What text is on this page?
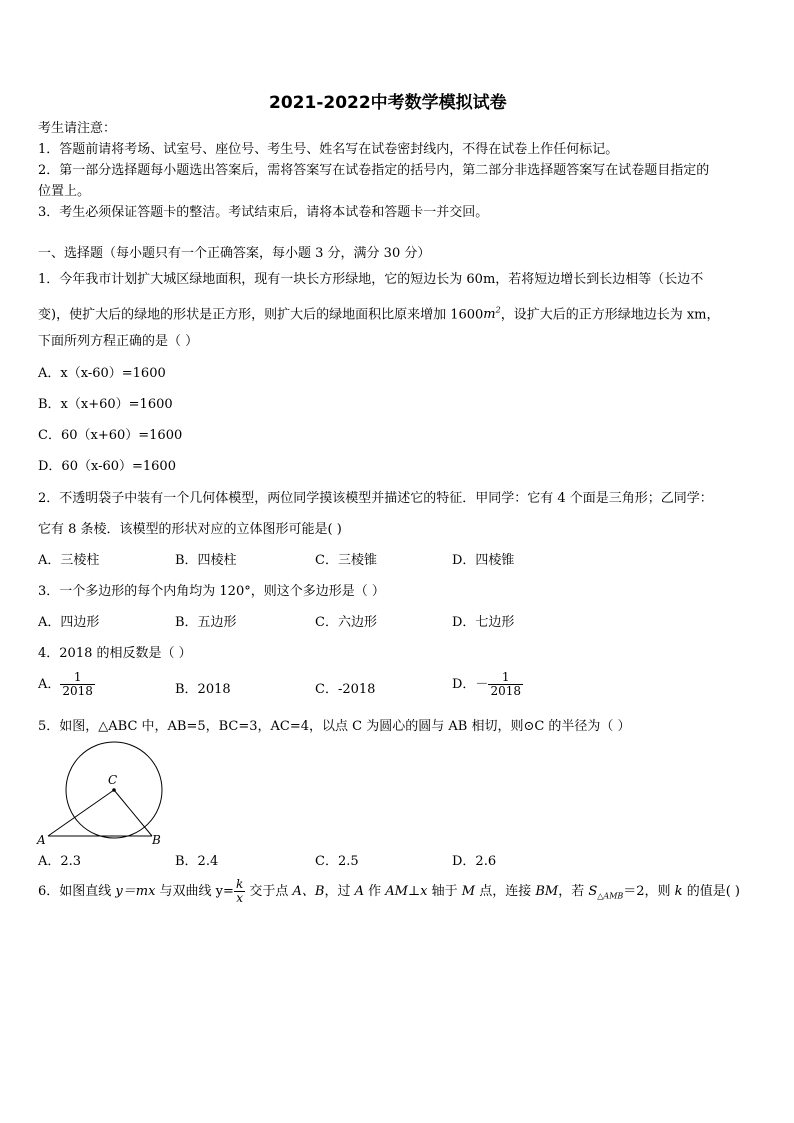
2021-2022中考数学模拟试卷
考生请注意：
1．答题前请将考场、试室号、座位号、考生号、姓名写在试卷密封线内，不得在试卷上作任何标记。
2．第一部分选择题每小题选出答案后，需将答案写在试卷指定的括号内，第二部分非选择题答案写在试卷题目指定的
位置上。
3．考生必须保证答题卡的整洁。考试结束后，请将本试卷和答题卡一并交回。
一、选择题（每小题只有一个正确答案，每小题 3 分，满分 30 分）
1．今年我市计划扩大城区绿地面积，现有一块长方形绿地，它的短边长为 60m，若将短边增长到长边相等（长边不
变)，使扩大后的绿地的形状是正方形，则扩大后的绿地面积比原来增加 $1600m^2$，设扩大后的正方形绿地边长为 xm，
下面所列方程正确的是（ ）
A．x（x-60）=1600
B．x（x+60）=1600
C．60（x+60）=1600
D．60（x-60）=1600
2．不透明袋子中装有一个几何体模型，两位同学摸该模型并描述它的特征．甲同学：它有 4 个面是三角形；乙同学：
它有 8 条棱．该模型的形状对应的立体图形可能是( )
A．三棱柱	B．四棱柱	C．三棱锥	D．四棱锥
3．一个多边形的每个内角均为 120°，则这个多边形是（ ）
A．四边形	B．五边形	C．六边形	D．七边形
4．2018 的相反数是（ ）
A． $\frac{1}{2018}$	B．2018	C．-2018	D．－ $\frac{1}{2018}$
5．如图，△ABC 中，AB=5，BC=3，AC=4，以点 C 为圆心的圆与 AB 相切，则⊙C 的半径为（ ）
C
A	B
A．2.3	B．2.4	C．2.5	D．2.6
6．如图直线 y＝mx 与双曲线 $y= \frac{k}{x}$ 交于点 A、B，过 A 作 AM⊥x 轴于 M 点，连接 BM，若 $S_{\triangle AMB}=2$，则 k 的值是( )
